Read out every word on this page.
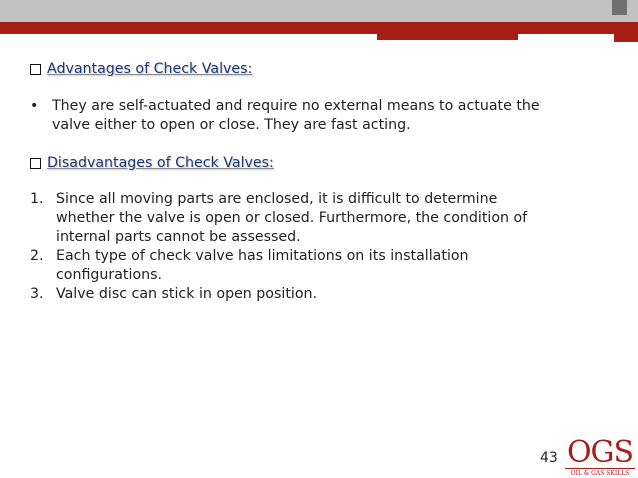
Advantages of Check Valves:
• They are self-actuated and require no external means to actuate the
valve either to open or close. They are fast acting.
Disadvantages of Check Valves:
1. Since all moving parts are enclosed, it is difficult to determine
whether the valve is open or closed. Furthermore, the condition of
internal parts cannot be assessed.
2. Each type of check valve has limitations on its installation
configurations.
3. Valve disc can stick in open position.
43 OGS
OIL & GAS SKILLS
